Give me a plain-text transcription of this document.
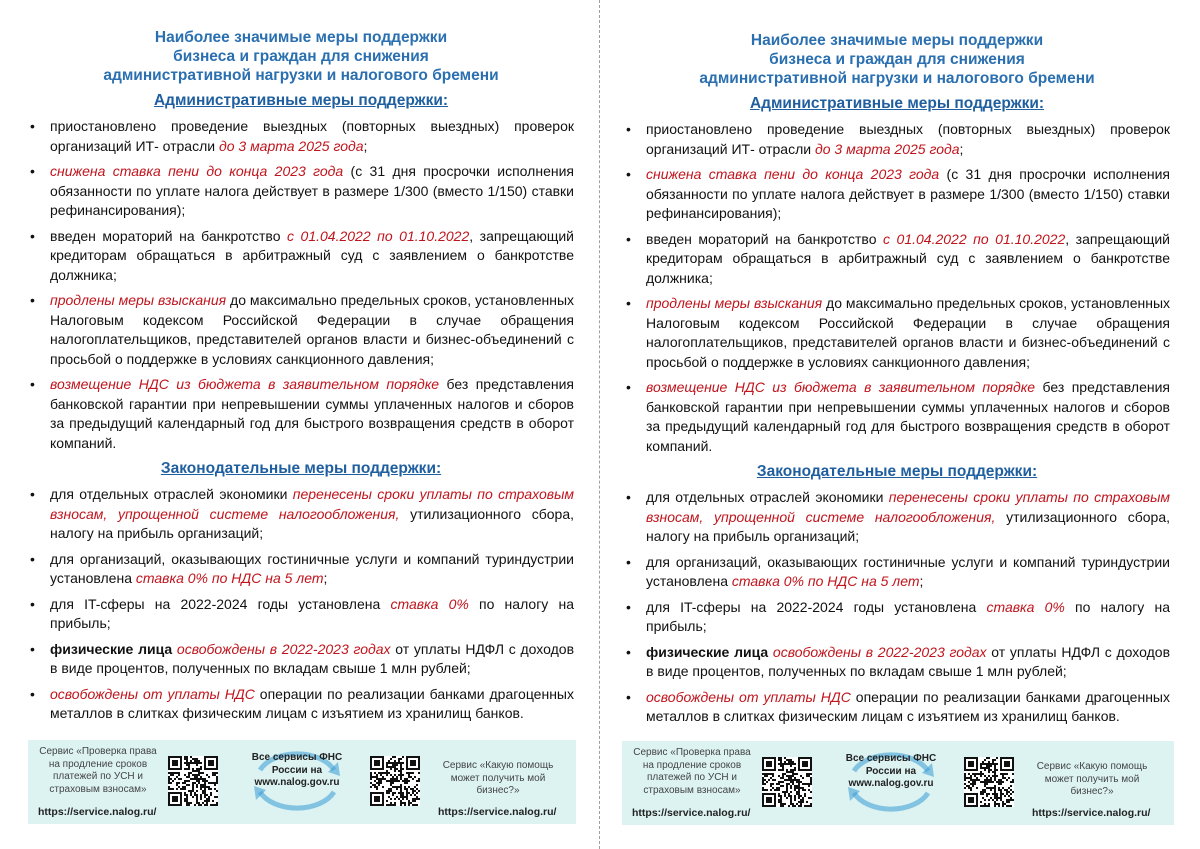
Наиболее значимые меры поддержки
бизнеса и граждан для снижения
административной нагрузки и налогового бремени
Административные меры поддержки:
• приостановлено проведение выездных (повторных выездных) проверок организаций ИТ- отрасли до 3 марта 2025 года;
• снижена ставка пени до конца 2023 года (с 31 дня просрочки исполнения обязанности по уплате налога действует в размере 1/300 (вместо 1/150) ставки рефинансирования);
• введен мораторий на банкротство с 01.04.2022 по 01.10.2022, запрещающий кредиторам обращаться в арбитражный суд с заявлением о банкротстве должника;
• продлены меры взыскания до максимально предельных сроков, установленных Налоговым кодексом Российской Федерации в случае обращения налогоплательщиков, представителей органов власти и бизнес-объединений с просьбой о поддержке в условиях санкционного давления;
• возмещение НДС из бюджета в заявительном порядке без представления банковской гарантии при непревышении суммы уплаченных налогов и сборов за предыдущий календарный год для быстрого возвращения средств в оборот компаний.
Законодательные меры поддержки:
• для отдельных отраслей экономики перенесены сроки уплаты по страховым взносам, упрощенной системе налогообложения, утилизационного сбора, налогу на прибыль организаций;
• для организаций, оказывающих гостиничные услуги и компаний туриндустрии установлена ставка 0% по НДС на 5 лет;
• для IT-сферы на 2022-2024 годы установлена ставка 0% по налогу на прибыль;
• физические лица освобождены в 2022-2023 годах от уплаты НДФЛ с доходов в виде процентов, полученных по вкладам свыше 1 млн рублей;
• освобождены от уплаты НДС операции по реализации банками драгоценных металлов в слитках физическим лицам с изъятием из хранилищ банков.
Сервис «Проверка права на продление сроков платежей по УСН и страховым взносам»
https://service.nalog.ru/
Все сервисы ФНС России на www.nalog.gov.ru
Сервис «Какую помощь может получить мой бизнес?»
https://service.nalog.ru/
Наиболее значимые меры поддержки
бизнеса и граждан для снижения
административной нагрузки и налогового бремени
Административные меры поддержки:
• приостановлено проведение выездных (повторных выездных) проверок организаций ИТ- отрасли до 3 марта 2025 года;
• снижена ставка пени до конца 2023 года (с 31 дня просрочки исполнения обязанности по уплате налога действует в размере 1/300 (вместо 1/150) ставки рефинансирования);
• введен мораторий на банкротство с 01.04.2022 по 01.10.2022, запрещающий кредиторам обращаться в арбитражный суд с заявлением о банкротстве должника;
• продлены меры взыскания до максимально предельных сроков, установленных Налоговым кодексом Российской Федерации в случае обращения налогоплательщиков, представителей органов власти и бизнес-объединений с просьбой о поддержке в условиях санкционного давления;
• возмещение НДС из бюджета в заявительном порядке без представления банковской гарантии при непревышении суммы уплаченных налогов и сборов за предыдущий календарный год для быстрого возвращения средств в оборот компаний.
Законодательные меры поддержки:
• для отдельных отраслей экономики перенесены сроки уплаты по страховым взносам, упрощенной системе налогообложения, утилизационного сбора, налогу на прибыль организаций;
• для организаций, оказывающих гостиничные услуги и компаний туриндустрии установлена ставка 0% по НДС на 5 лет;
• для IT-сферы на 2022-2024 годы установлена ставка 0% по налогу на прибыль;
• физические лица освобождены в 2022-2023 годах от уплаты НДФЛ с доходов в виде процентов, полученных по вкладам свыше 1 млн рублей;
• освобождены от уплаты НДС операции по реализации банками драгоценных металлов в слитках физическим лицам с изъятием из хранилищ банков.
Сервис «Проверка права на продление сроков платежей по УСН и страховым взносам»
https://service.nalog.ru/
Все сервисы ФНС России на www.nalog.gov.ru
Сервис «Какую помощь может получить мой бизнес?»
https://service.nalog.ru/
